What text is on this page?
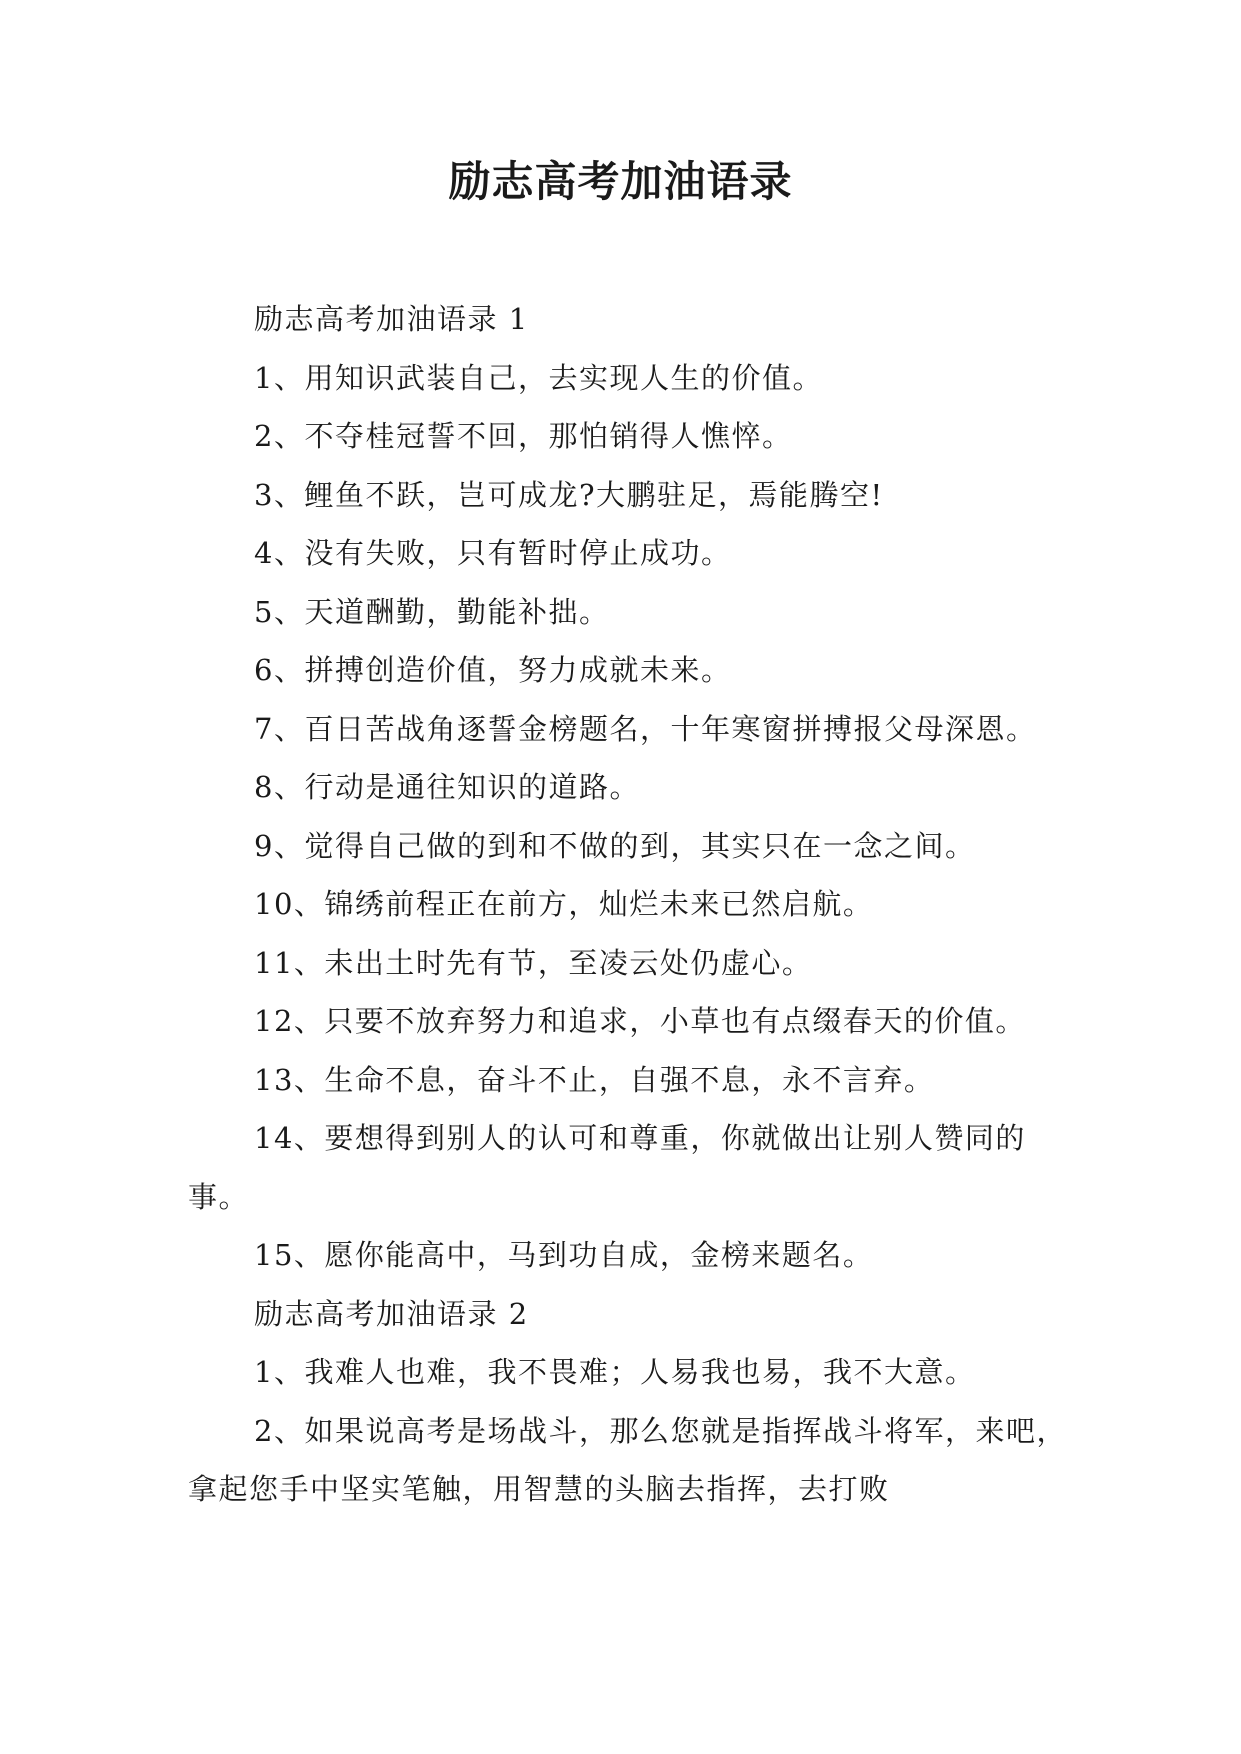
励志高考加油语录

励志高考加油语录 1

1、用知识武装自己，去实现人生的价值。

2、不夺桂冠誓不回，那怕销得人憔悴。

3、鲤鱼不跃，岂可成龙?大鹏驻足，焉能腾空!

4、没有失败，只有暂时停止成功。

5、天道酬勤，勤能补拙。

6、拼搏创造价值，努力成就未来。

7、百日苦战角逐誓金榜题名，十年寒窗拼搏报父母深恩。

8、行动是通往知识的道路。

9、觉得自己做的到和不做的到，其实只在一念之间。

10、锦绣前程正在前方，灿烂未来已然启航。

11、未出土时先有节，至凌云处仍虚心。

12、只要不放弃努力和追求，小草也有点缀春天的价值。

13、生命不息，奋斗不止，自强不息，永不言弃。

14、要想得到别人的认可和尊重，你就做出让别人赞同的事。

15、愿你能高中，马到功自成，金榜来题名。

励志高考加油语录 2

1、我难人也难，我不畏难；人易我也易，我不大意。

2、如果说高考是场战斗，那么您就是指挥战斗将军，来吧，拿起您手中坚实笔触，用智慧的头脑去指挥，去打败
